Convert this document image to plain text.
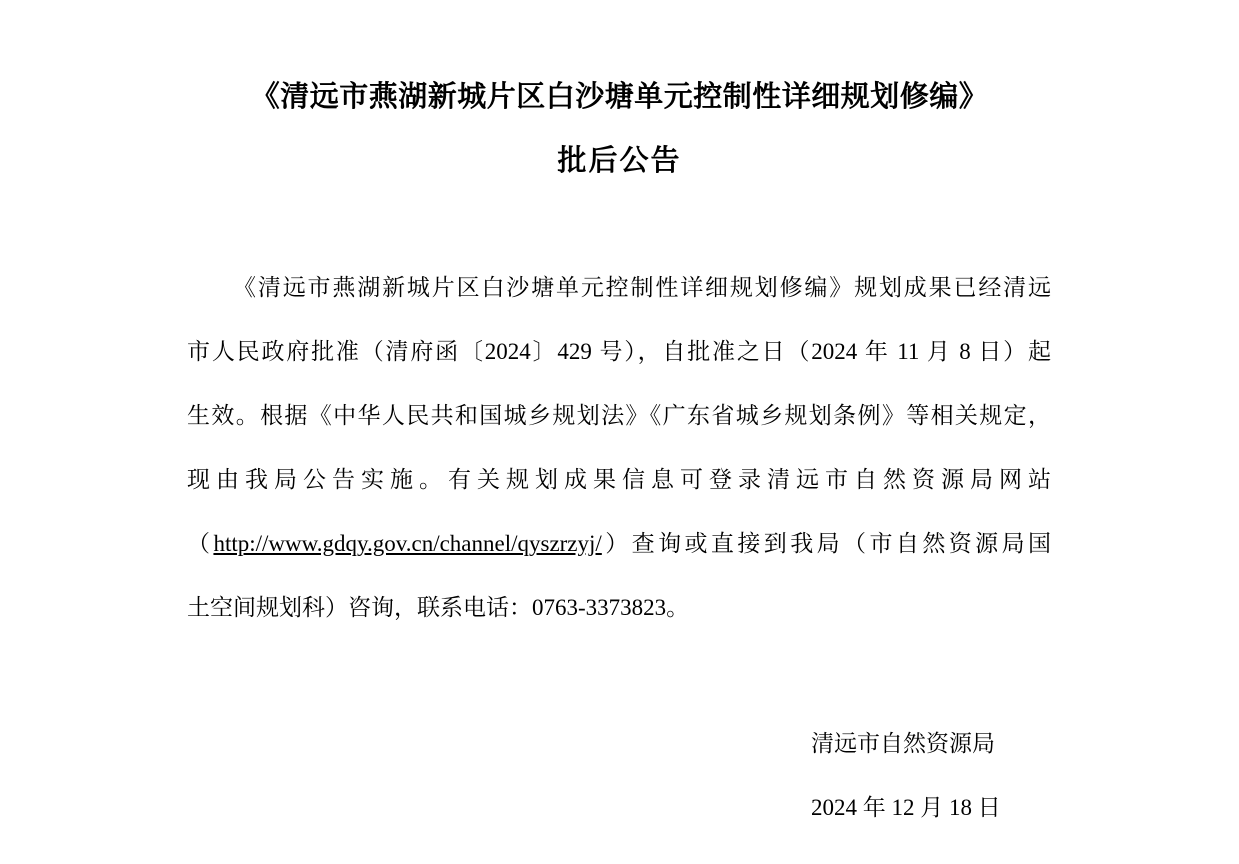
《清远市燕湖新城片区白沙塘单元控制性详细规划修编》
批后公告
《清远市燕湖新城片区白沙塘单元控制性详细规划修编》规划成果已经清远
市人民政府批准（清府函〔2024〕429 号），自批准之日（2024 年 11 月 8 日）起
生效。根据《中华人民共和国城乡规划法》《广东省城乡规划条例》等相关规定，
现由我局公告实施。有关规划成果信息可登录清远市自然资源局网站
（http://www.gdqy.gov.cn/channel/qyszrzyj/）查询或直接到我局（市自然资源局国
土空间规划科）咨询，联系电话：0763-3373823。
清远市自然资源局
2024 年 12 月 18 日
